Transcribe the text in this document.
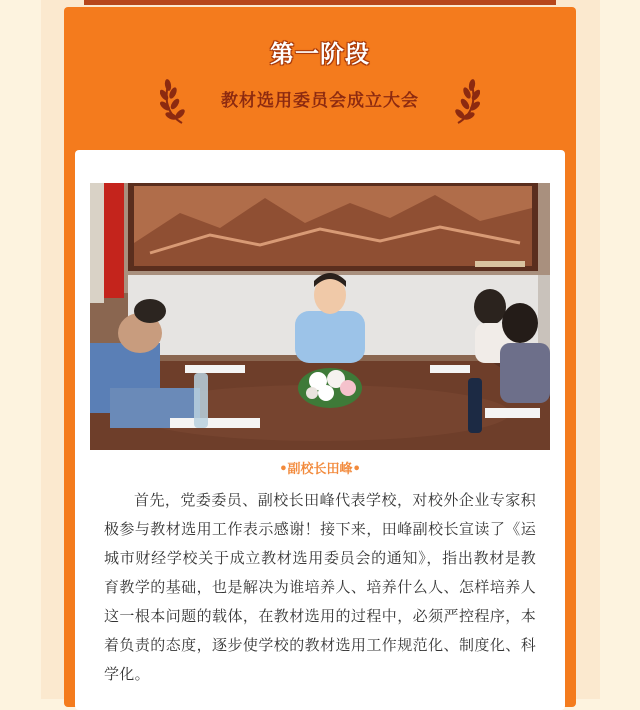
第一阶段
教材选用委员会成立大会
•副校长田峰•

首先，党委委员、副校长田峰代表学校，对校外企业专家积极参与教材选用工作表示感谢！接下来，田峰副校长宣读了《运城市财经学校关于成立教材选用委员会的通知》，指出教材是教育教学的基础，也是解决为谁培养人、培养什么人、怎样培养人这一根本问题的载体，在教材选用的过程中，必须严控程序，本着负责的态度，逐步使学校的教材选用工作规范化、制度化、科学化。
